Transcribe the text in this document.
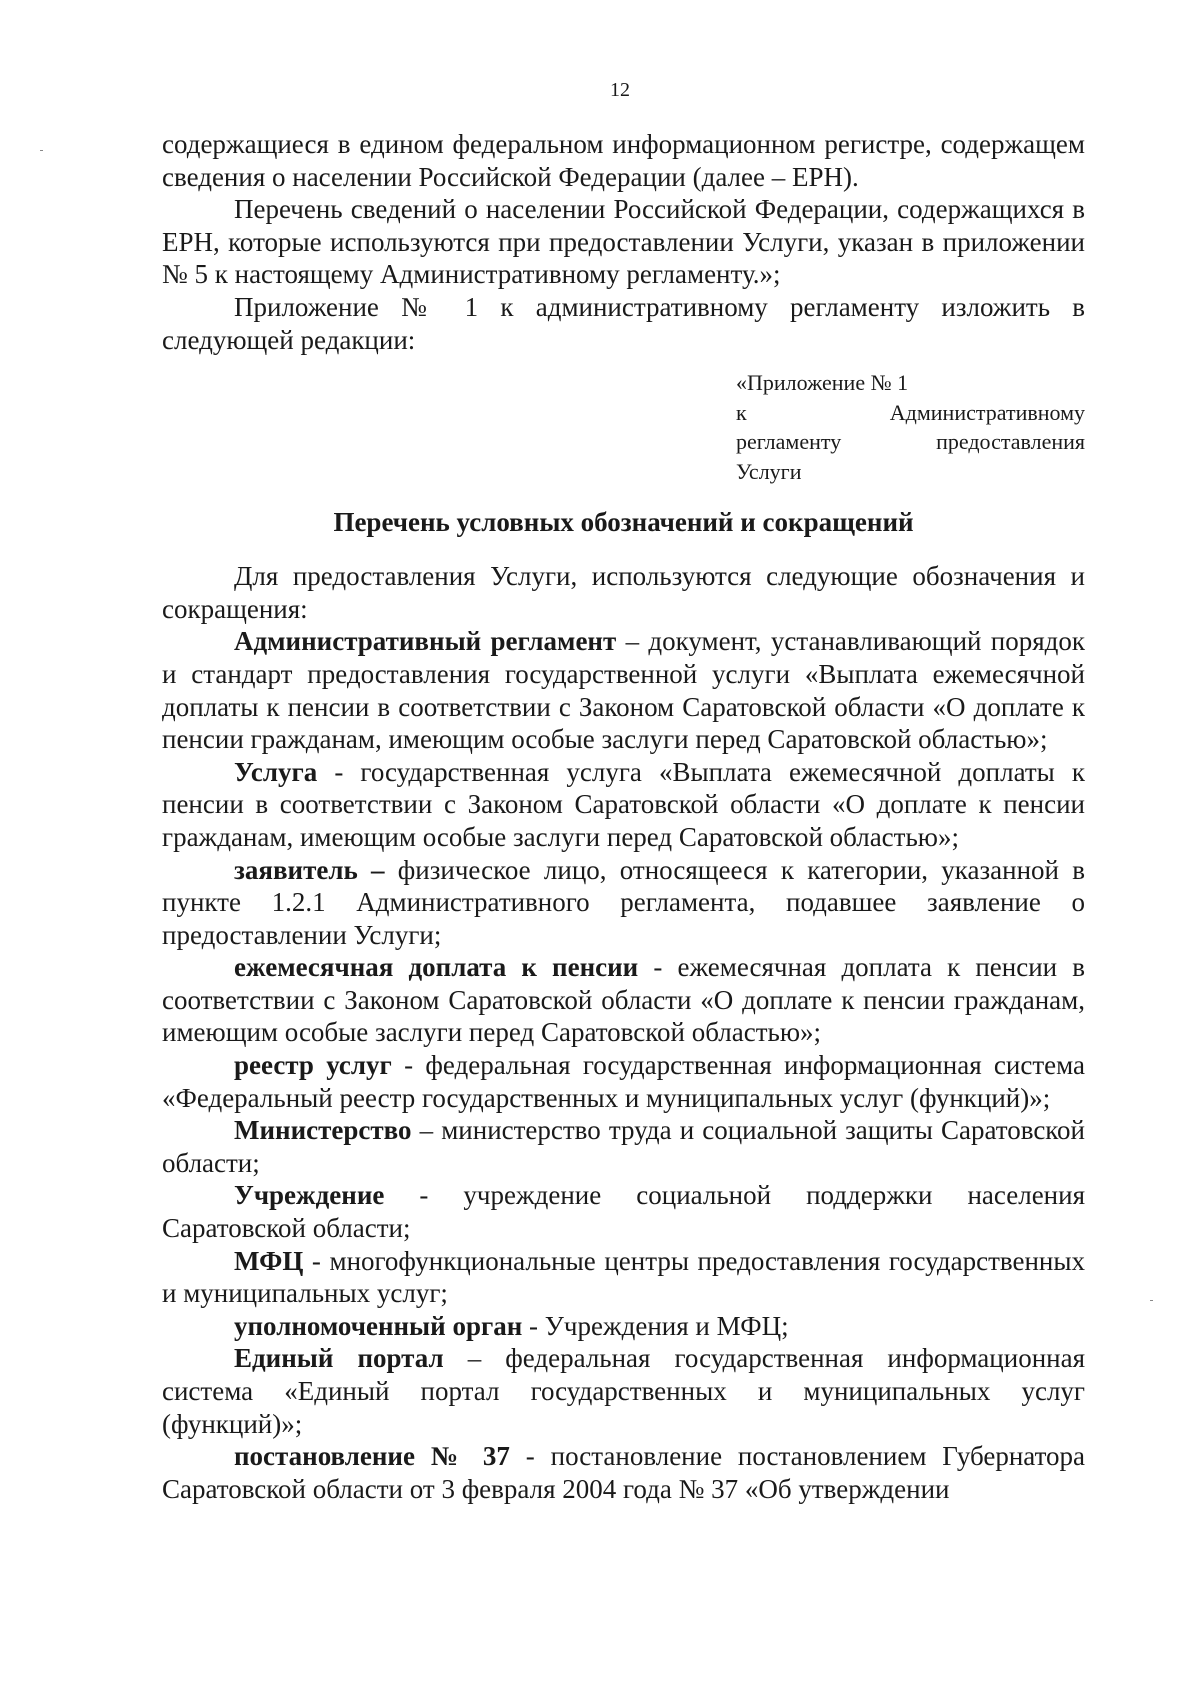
12

содержащиеся в едином федеральном информационном регистре, содержащем сведения о населении Российской Федерации (далее – ЕРН).

Перечень сведений о населении Российской Федерации, содержащихся в ЕРН, которые используются при предоставлении Услуги, указан в приложении № 5 к настоящему Административному регламенту.»;

Приложение № 1 к административному регламенту изложить в следующей редакции:

«Приложение № 1
к Административному
регламенту предоставления
Услуги
Перечень условных обозначений и сокращений

Для предоставления Услуги, используются следующие обозначения и сокращения:

Административный регламент – документ, устанавливающий порядок и стандарт предоставления государственной услуги «Выплата ежемесячной доплаты к пенсии в соответствии с Законом Саратовской области «О доплате к пенсии гражданам, имеющим особые заслуги перед Саратовской областью»;

Услуга - государственная услуга «Выплата ежемесячной доплаты к пенсии в соответствии с Законом Саратовской области «О доплате к пенсии гражданам, имеющим особые заслуги перед Саратовской областью»;

заявитель – физическое лицо, относящееся к категории, указанной в пункте 1.2.1 Административного регламента, подавшее заявление о предоставлении Услуги;

ежемесячная доплата к пенсии - ежемесячная доплата к пенсии в соответствии с Законом Саратовской области «О доплате к пенсии гражданам, имеющим особые заслуги перед Саратовской областью»;

реестр услуг - федеральная государственная информационная система «Федеральный реестр государственных и муниципальных услуг (функций)»;

Министерство – министерство труда и социальной защиты Саратовской области;

Учреждение - учреждение социальной поддержки населения Саратовской области;

МФЦ - многофункциональные центры предоставления государственных и муниципальных услуг;

уполномоченный орган - Учреждения и МФЦ;

Единый портал – федеральная государственная информационная система «Единый портал государственных и муниципальных услуг (функций)»;

постановление № 37 - постановление постановлением Губернатора Саратовской области от 3 февраля 2004 года № 37 «Об утверждении
